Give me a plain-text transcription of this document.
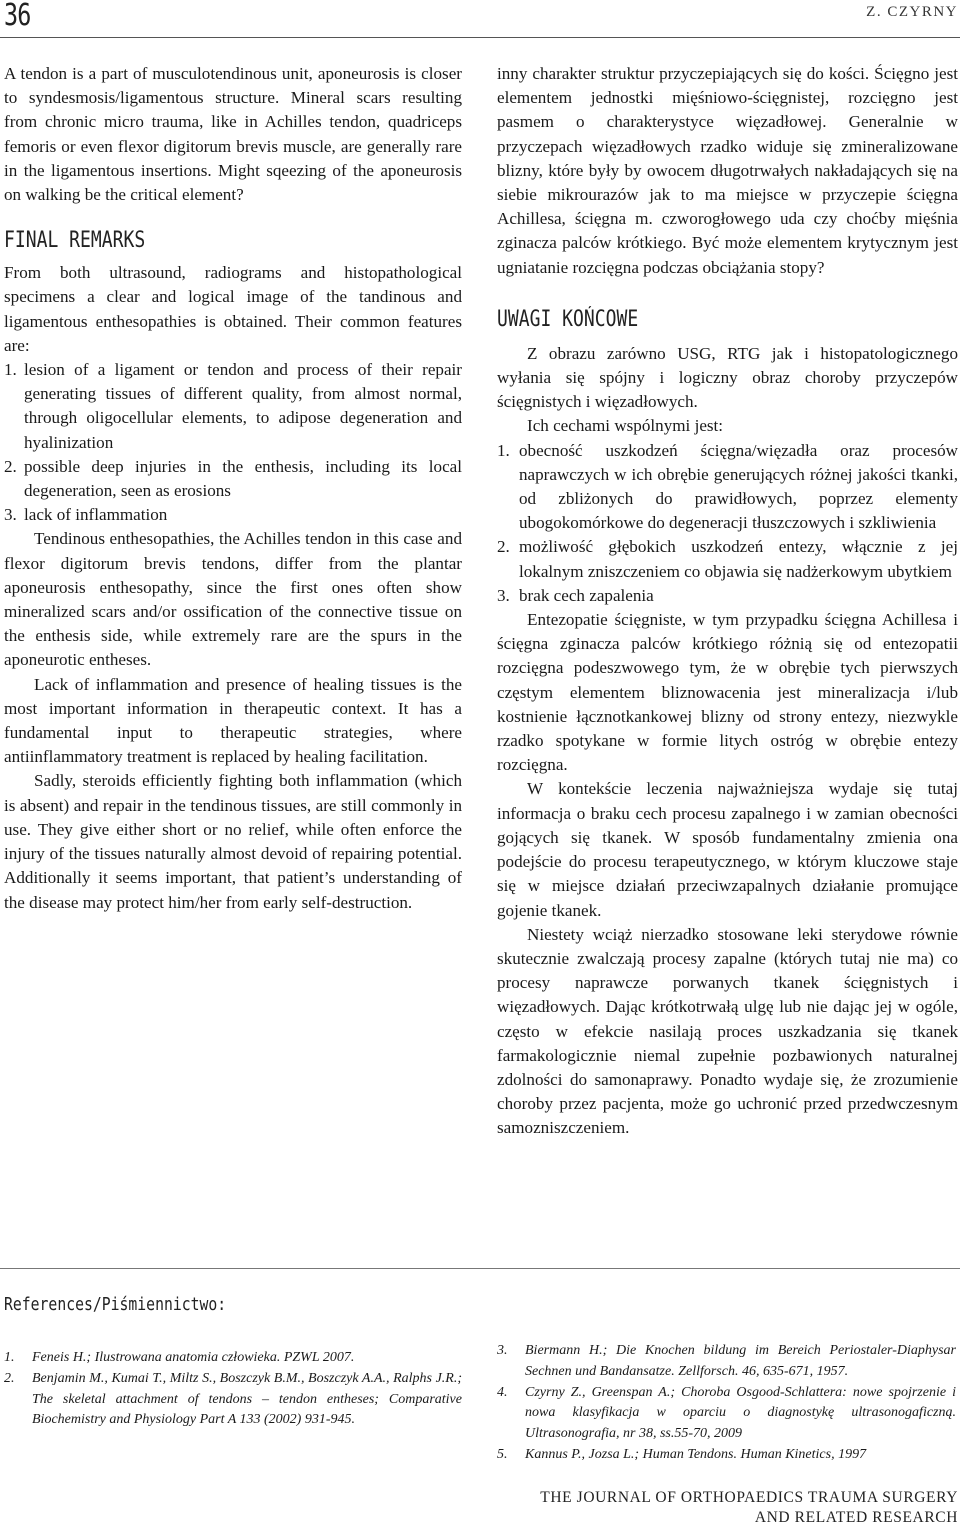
36	Z. CZYRNY

A tendon is a part of musculotendinous unit, aponeurosis is closer to syndesmosis/ligamentous structure. Mineral scars resulting from chronic micro trauma, like in Achilles tendon, quadriceps femoris or even flexor digitorum brevis muscle, are generally rare in the ligamentous insertions. Might sqeezing of the aponeurosis on walking be the critical element?

FINAL REMARKS

From both ultrasound, radiograms and histopathological specimens a clear and logical image of the tandinous and ligamentous enthesopathies is obtained. Their common features are:

1. lesion of a ligament or tendon and process of their repair generating tissues of different quality, from almost normal, through oligocellular elements, to adipose degeneration and hyalinization
2. possible deep injuries in the enthesis, including its local degeneration, seen as erosions
3. lack of inflammation

Tendinous enthesopathies, the Achilles tendon in this case and flexor digitorum brevis tendons, differ from the plantar aponeurosis enthesopathy, since the first ones often show mineralized scars and/or ossification of the connective tissue on the enthesis side, while extremely rare are the spurs in the aponeurotic entheses.

Lack of inflammation and presence of healing tissues is the most important information in therapeutic context. It has a fundamental input to therapeutic strategies, where antiinflammatory treatment is replaced by healing facilitation.

Sadly, steroids efficiently fighting both inflammation (which is absent) and repair in the tendinous tissues, are still commonly in use. They give either short or no relief, while often enforce the injury of the tissues naturally almost devoid of repairing potential. Additionally it seems important, that patient’s understanding of the disease may protect him/her from early self-destruction.

inny charakter struktur przyczepiających się do kości. Ścięgno jest elementem jednostki mięśniowo-ścięgnistej, rozcięgno jest pasmem o charakterystyce więzadłowej. Generalnie w przyczepach więzadłowych rzadko widuje się zmineralizowane blizny, które były by owocem długotrwałych nakładających się na siebie mikrourazów jak to ma miejsce w przyczepie ścięgna Achillesa, ścięgna m. czworogłowego uda czy choćby mięśnia zginacza palców krótkiego. Być może elementem krytycznym jest ugniatanie rozcięgna podczas obciążania stopy?

UWAGI KOŃCOWE

Z obrazu zarówno USG, RTG jak i histopatologicznego wyłania się spójny i logiczny obraz choroby przyczepów ścięgnistych i więzadłowych.

Ich cechami wspólnymi jest:

1. obecność uszkodzeń ścięgna/więzadła oraz procesów naprawczych w ich obrębie generujących różnej jakości tkanki, od zbliżonych do prawidłowych, poprzez elementy ubogokomórkowe do degeneracji tłuszczowych i szkliwienia
2. możliwość głębokich uszkodzeń entezy, włącznie z jej lokalnym zniszczeniem co objawia się nadżerkowym ubytkiem
3. brak cech zapalenia

Entezopatie ścięgniste, w tym przypadku ścięgna Achillesa i ścięgna zginacza palców krótkiego różnią się od entezopatii rozcięgna podeszwowego tym, że w obrębie tych pierwszych częstym elementem bliznowacenia jest mineralizacja i/lub kostnienie łącznotkankowej blizny od strony entezy, niezwykle rzadko spotykane w formie litych ostróg w obrębie entezy rozcięgna.

W kontekście leczenia najważniejsza wydaje się tutaj informacja o braku cech procesu zapalnego i w zamian obecności gojących się tkanek. W sposób fundamentalny zmienia ona podejście do procesu terapeutycznego, w którym kluczowe staje się w miejsce działań przeciwzapalnych działanie promujące gojenie tkanek.

Niestety wciąż nierzadko stosowane leki sterydowe równie skutecznie zwalczają procesy zapalne (których tutaj nie ma) co procesy naprawcze porwanych tkanek ścięgnistych i więzadłowych. Dając krótkotrwałą ulgę lub nie dając jej w ogóle, często w efekcie nasilają proces uszkadzania się tkanek farmakologicznie niemal zupełnie pozbawionych naturalnej zdolności do samonaprawy. Ponadto wydaje się, że zrozumienie choroby przez pacjenta, może go uchronić przed przedwczesnym samozniszczeniem.

References/Piśmiennictwo:
1. Feneis H.; Ilustrowana anatomia człowieka. PZWL 2007.
2. Benjamin M., Kumai T., Miltz S., Boszczyk B.M., Boszczyk A.A., Ralphs J.R.; The skeletal attachment of tendons – tendon entheses; Comparative Biochemistry and Physiology Part A 133 (2002) 931-945.
3. Biermann H.; Die Knochen bildung im Bereich Periostaler-Diaphysar Sechnen und Bandansatze. Zellforsch. 46, 635-671, 1957.
4. Czyrny Z., Greenspan A.; Choroba Osgood-Schlattera: nowe spojrzenie i nowa klasyfikacja w oparciu o diagnostykę ultrasonogaficzną. Ultrasonografia, nr 38, ss.55-70, 2009
5. Kannus P., Jozsa L.; Human Tendons. Human Kinetics, 1997
THE JOURNAL OF ORTHOPAEDICS TRAUMA SURGERY
AND RELATED RESEARCH
